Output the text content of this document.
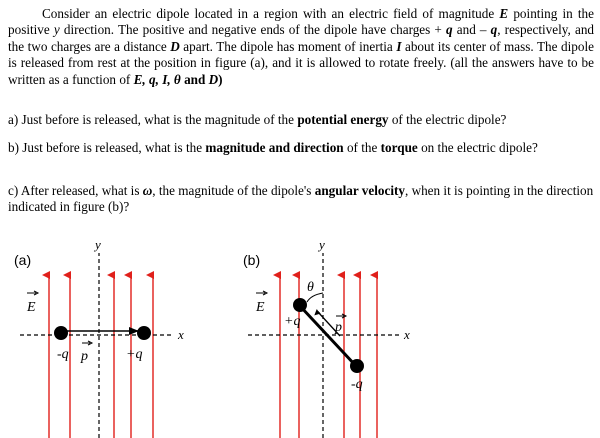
Consider an electric dipole located in a region with an electric field of magnitude E pointing in the positive y direction. The positive and negative ends of the dipole have charges + q and – q, respectively, and the two charges are a distance D apart. The dipole has moment of inertia I about its center of mass. The dipole is released from rest at the position in figure (a), and it is allowed to rotate freely. (all the answers have to be written as a function of E, q, I, θ and D)
a) Just before is released, what is the magnitude of the potential energy of the electric dipole?
b) Just before is released, what is the magnitude and direction of the torque on the electric dipole?
c) After released, what is ω, the magnitude of the dipole's angular velocity, when it is pointing in the direction indicated in figure (b)?
(a)
E
y
x
-q	+q
p
(b)
E
y
x
θ
+q
-q
p
